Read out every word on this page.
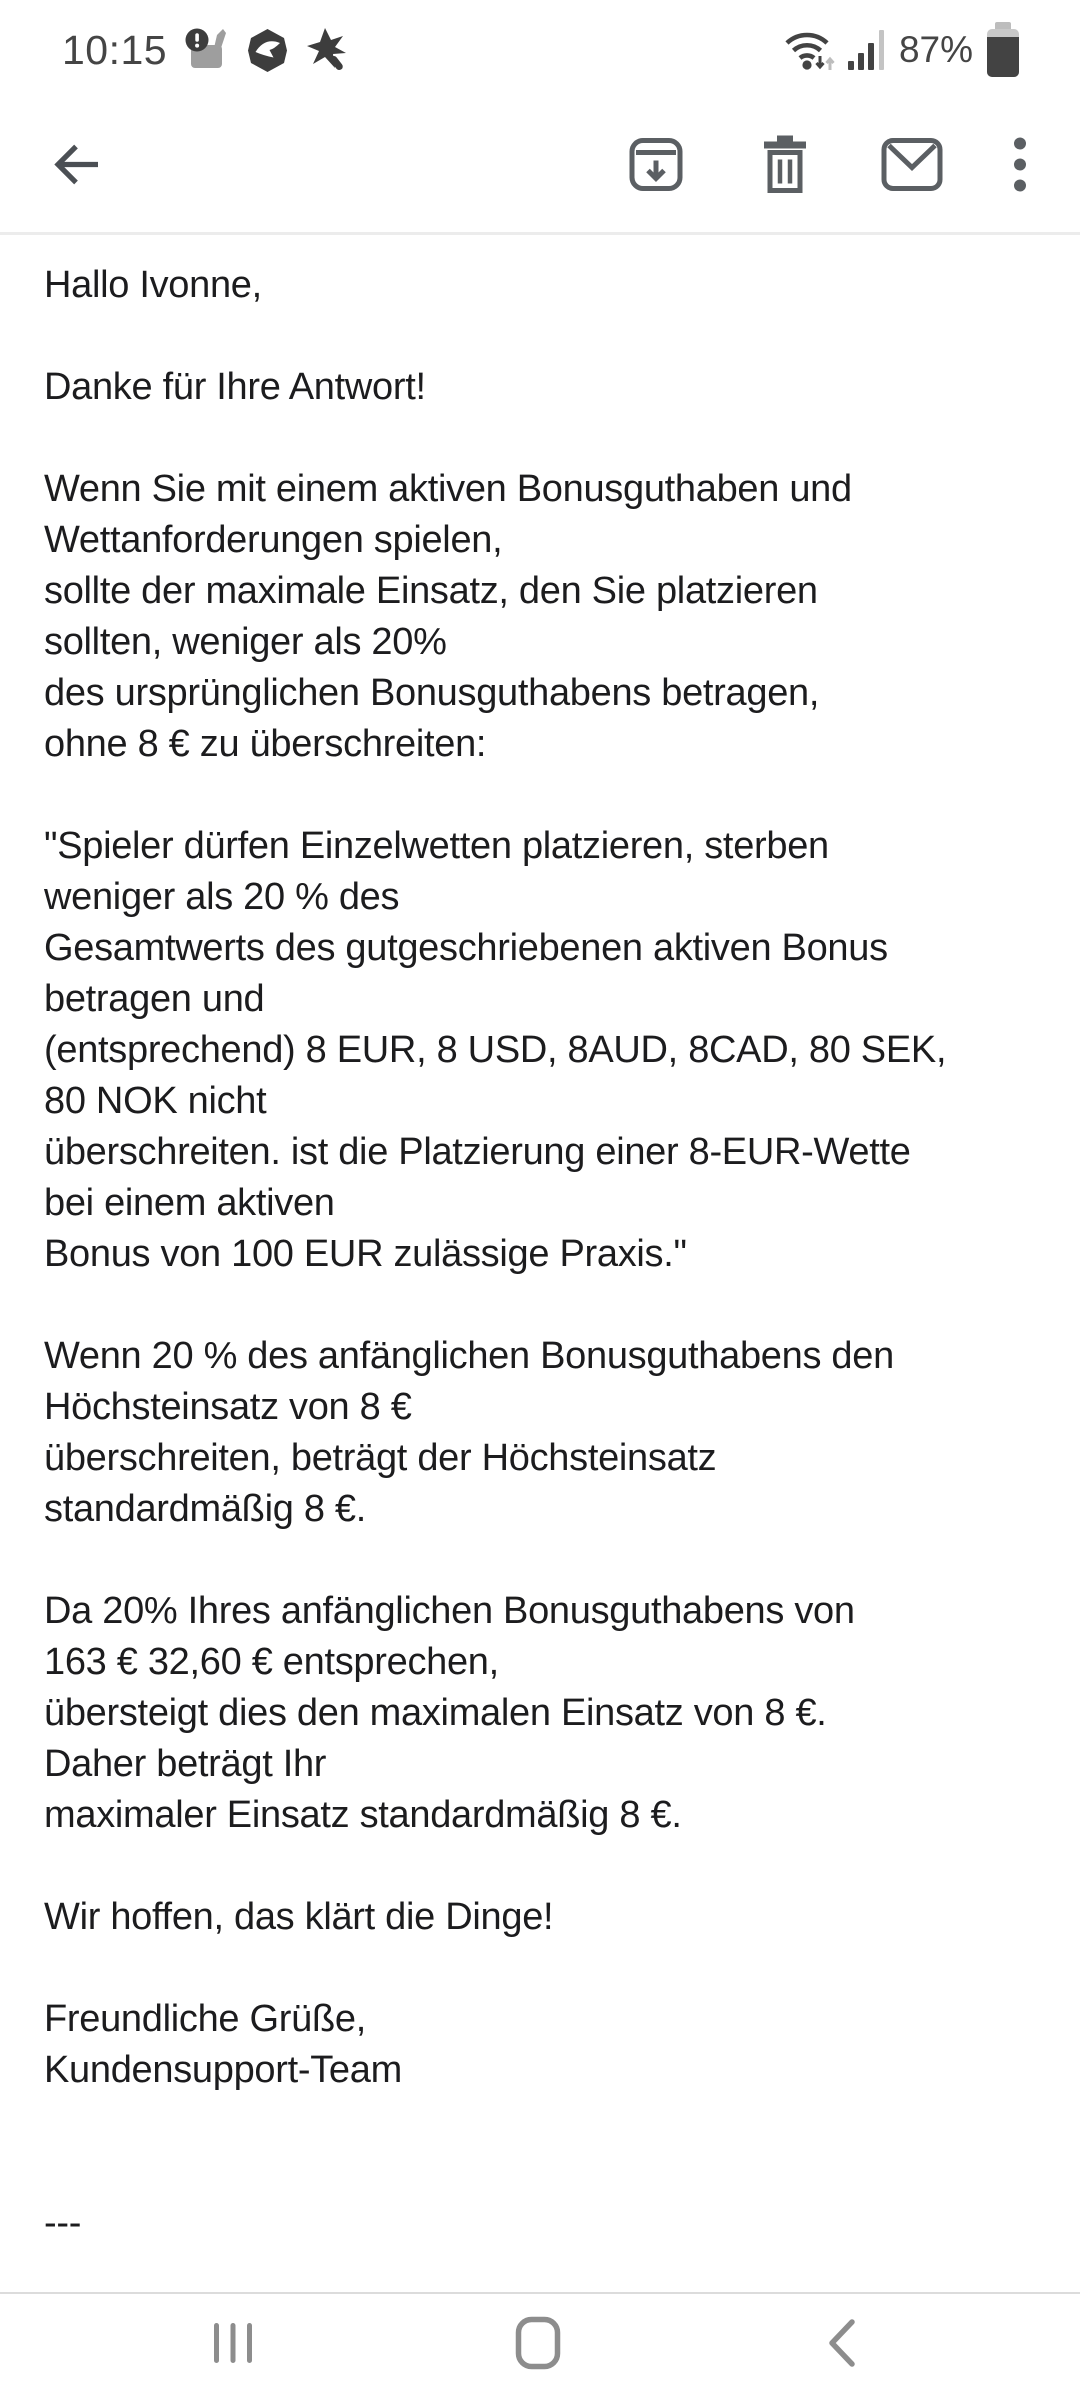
10:15	87%
Hallo Ivonne,

Danke für Ihre Antwort!

Wenn Sie mit einem aktiven Bonusguthaben und
Wettanforderungen spielen,
sollte der maximale Einsatz, den Sie platzieren
sollten, weniger als 20%
des ursprünglichen Bonusguthabens betragen,
ohne 8 € zu überschreiten:

"Spieler dürfen Einzelwetten platzieren, sterben
weniger als 20 % des
Gesamtwerts des gutgeschriebenen aktiven Bonus
betragen und
(entsprechend) 8 EUR, 8 USD, 8AUD, 8CAD, 80 SEK,
80 NOK nicht
überschreiten. ist die Platzierung einer 8-EUR-Wette
bei einem aktiven
Bonus von 100 EUR zulässige Praxis."

Wenn 20 % des anfänglichen Bonusguthabens den
Höchsteinsatz von 8 €
überschreiten, beträgt der Höchsteinsatz
standardmäßig 8 €.

Da 20% Ihres anfänglichen Bonusguthabens von
163 € 32,60 € entsprechen,
übersteigt dies den maximalen Einsatz von 8 €.
Daher beträgt Ihr
maximaler Einsatz standardmäßig 8 €.

Wir hoffen, das klärt die Dinge!

Freundliche Grüße,
Kundensupport-Team

---
